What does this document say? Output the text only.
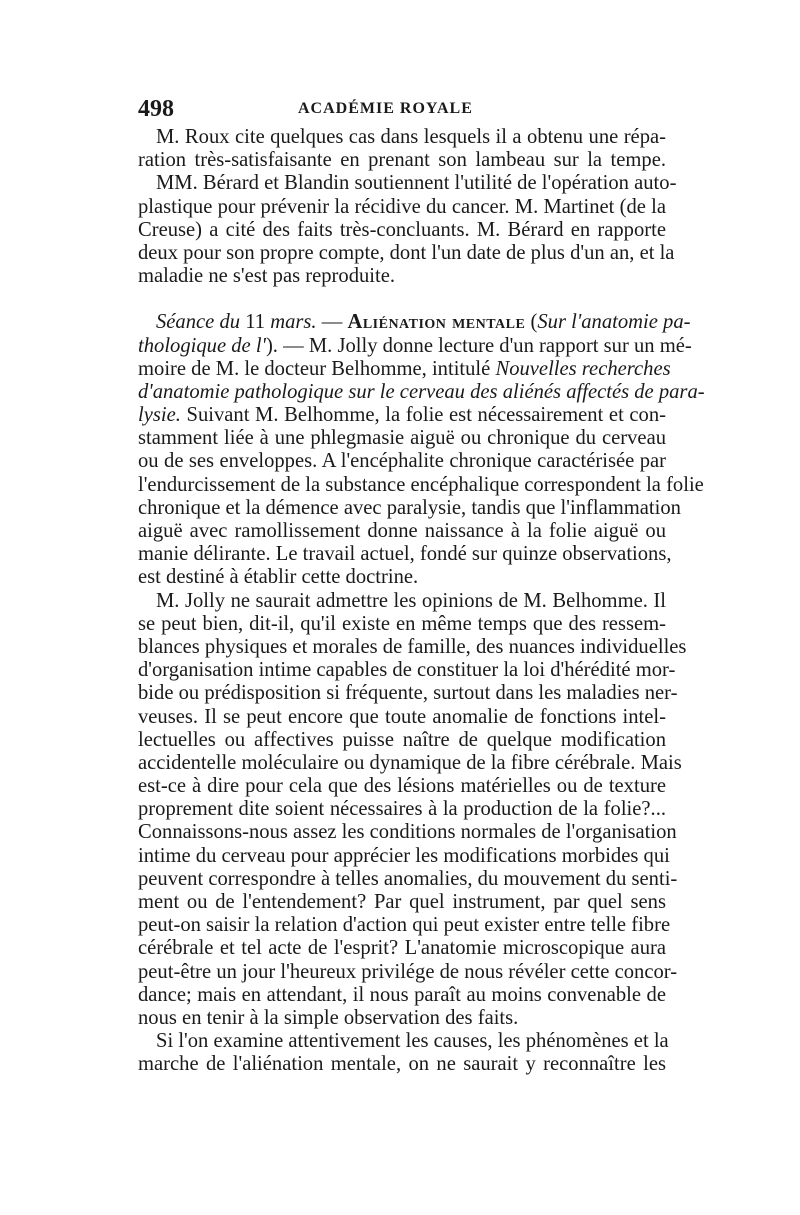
498	ACADÉMIE ROYALE
M. Roux cite quelques cas dans lesquels il a obtenu une répa-
ration très-satisfaisante en prenant son lambeau sur la tempe.
MM. Bérard et Blandin soutiennent l'utilité de l'opération auto-
plastique pour prévenir la récidive du cancer. M. Martinet (de la
Creuse) a cité des faits très-concluants. M. Bérard en rapporte
deux pour son propre compte, dont l'un date de plus d'un an, et la
maladie ne s'est pas reproduite.
Séance du 11 mars. — Aliénation mentale (Sur l'anatomie pa-
thologique de l'). — M. Jolly donne lecture d'un rapport sur un mé-
moire de M. le docteur Belhomme, intitulé Nouvelles recherches
d'anatomie pathologique sur le cerveau des aliénés affectés de para-
lysie. Suivant M. Belhomme, la folie est nécessairement et con-
stamment liée à une phlegmasie aiguë ou chronique du cerveau
ou de ses enveloppes. A l'encéphalite chronique caractérisée par
l'endurcissement de la substance encéphalique correspondent la folie
chronique et la démence avec paralysie, tandis que l'inflammation
aiguë avec ramollissement donne naissance à la folie aiguë ou
manie délirante. Le travail actuel, fondé sur quinze observations,
est destiné à établir cette doctrine.
M. Jolly ne saurait admettre les opinions de M. Belhomme. Il
se peut bien, dit-il, qu'il existe en même temps que des ressem-
blances physiques et morales de famille, des nuances individuelles
d'organisation intime capables de constituer la loi d'hérédité mor-
bide ou prédisposition si fréquente, surtout dans les maladies ner-
veuses. Il se peut encore que toute anomalie de fonctions intel-
lectuelles ou affectives puisse naître de quelque modification
accidentelle moléculaire ou dynamique de la fibre cérébrale. Mais
est-ce à dire pour cela que des lésions matérielles ou de texture
proprement dite soient nécessaires à la production de la folie?...
Connaissons-nous assez les conditions normales de l'organisation
intime du cerveau pour apprécier les modifications morbides qui
peuvent correspondre à telles anomalies, du mouvement du senti-
ment ou de l'entendement? Par quel instrument, par quel sens
peut-on saisir la relation d'action qui peut exister entre telle fibre
cérébrale et tel acte de l'esprit? L'anatomie microscopique aura
peut-être un jour l'heureux privilége de nous révéler cette concor-
dance; mais en attendant, il nous paraît au moins convenable de
nous en tenir à la simple observation des faits.
Si l'on examine attentivement les causes, les phénomènes et la
marche de l'aliénation mentale, on ne saurait y reconnaître les
